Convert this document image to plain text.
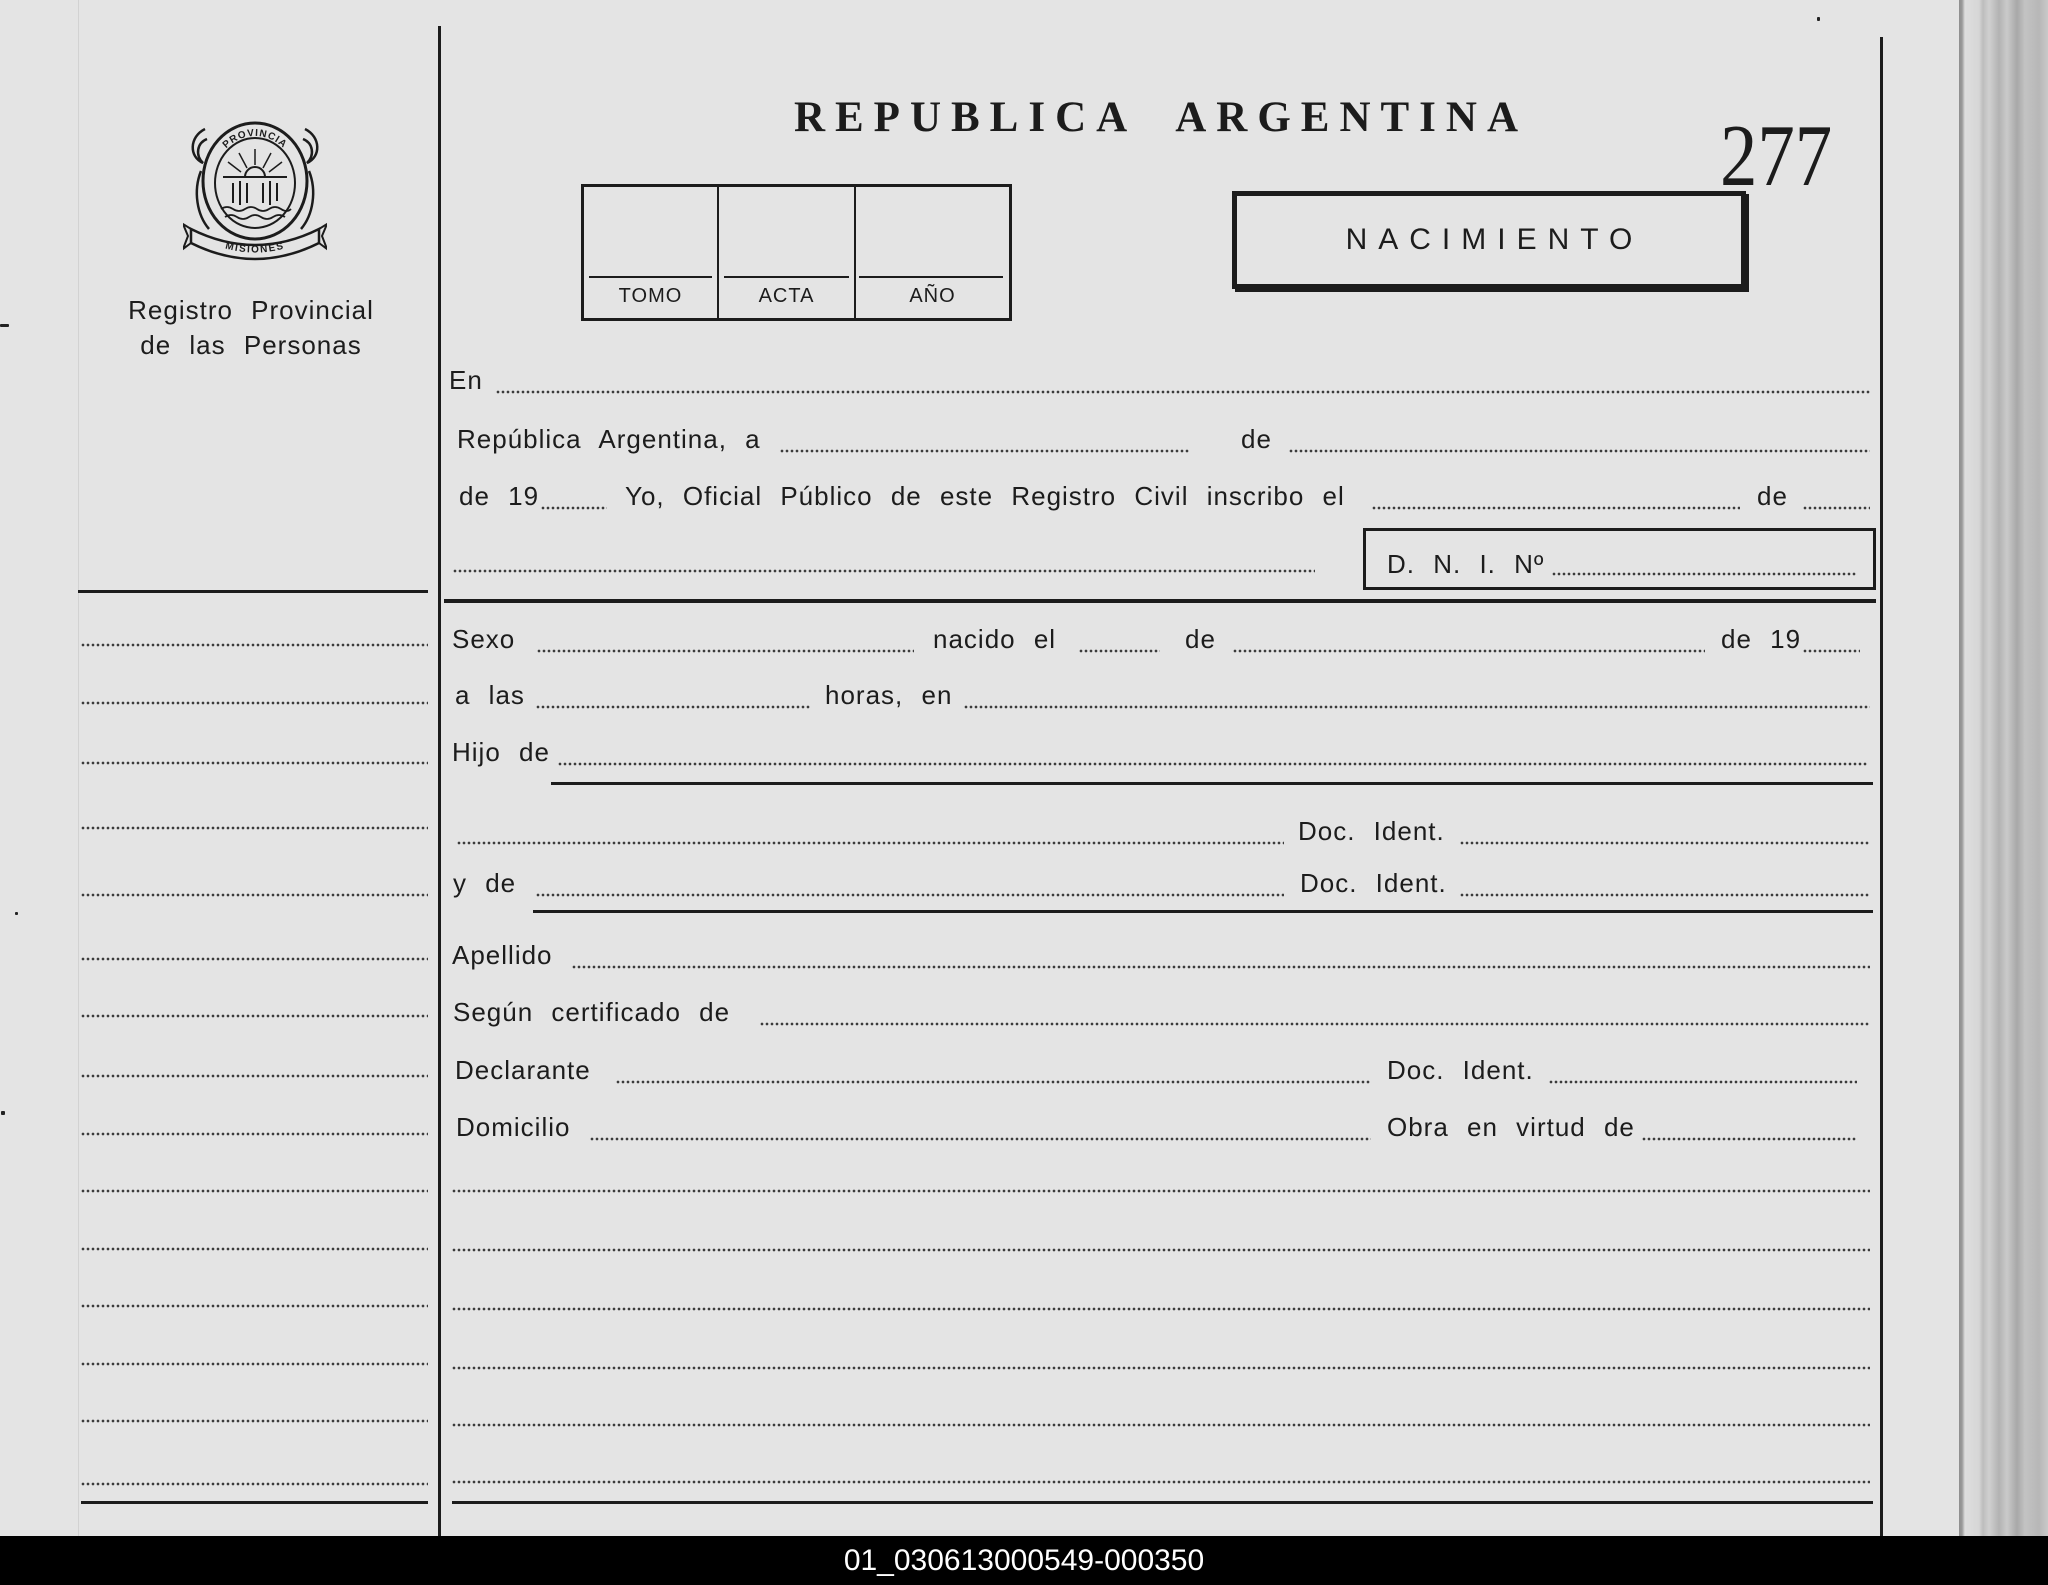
PROVINCIA
MISIONES
Registro Provincial
de las Personas
REPUBLICA ARGENTINA	277
TOMO	ACTA	AÑO
NACIMIENTO
En
República Argentina, a	de
de 19	Yo, Oficial Público de este Registro Civil inscribo el	de
D. N. I. Nº
Sexo	nacido el	de	de 19
a las	horas, en
Hijo de
Doc. Ident.
y de	Doc. Ident.
Apellido
Según certificado de
Declarante	Doc. Ident.
Domicilio	Obra en virtud de
01_030613000549-000350
